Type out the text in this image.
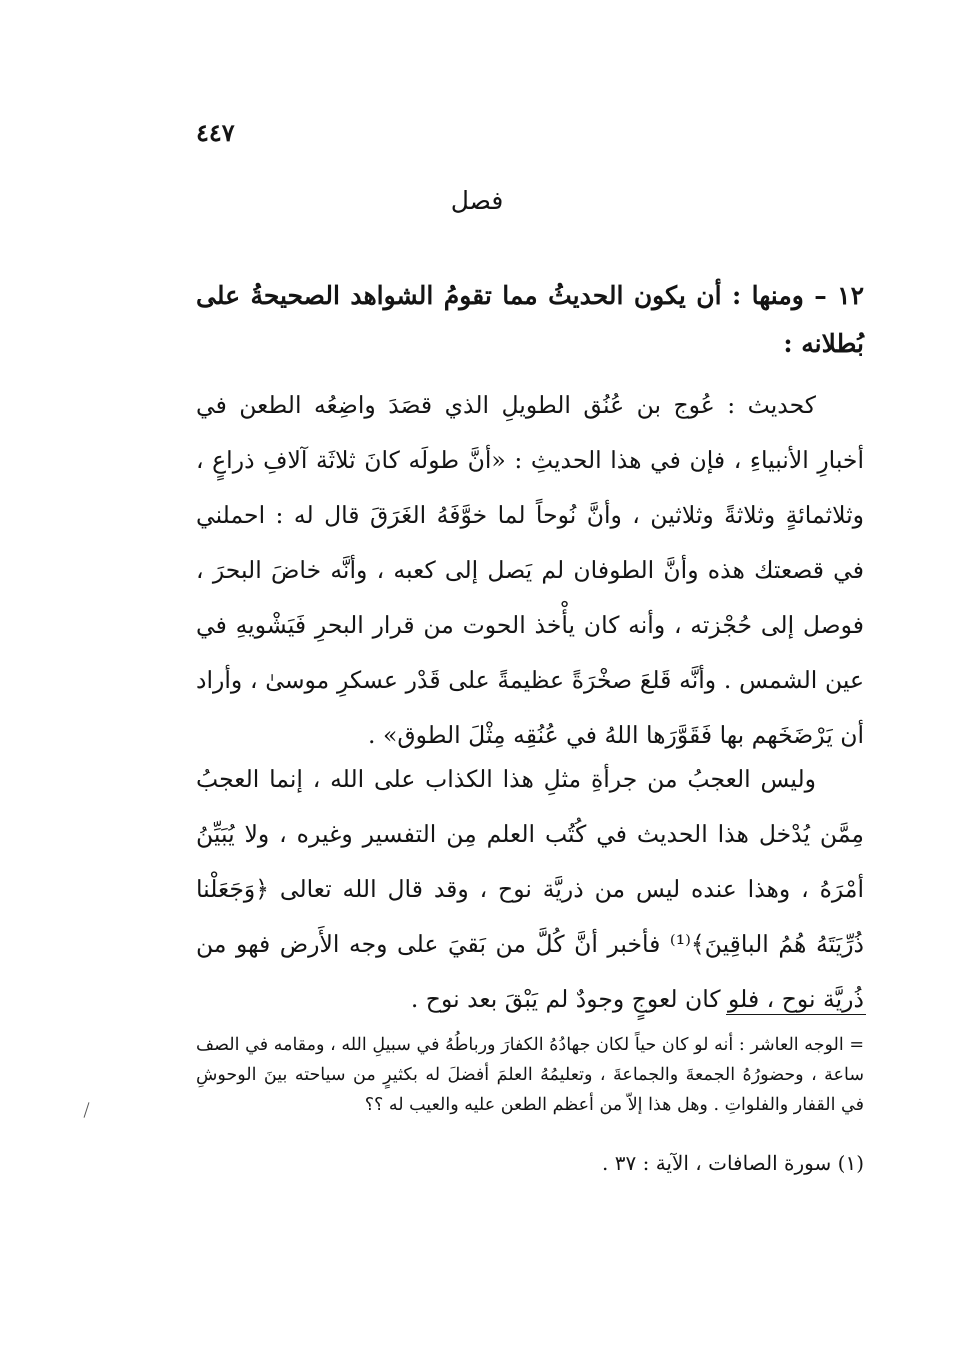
٤٤٧
فصل
١٢ – ومنها : أن يكون الحديثُ مما تقومُ الشواهد الصحيحةُ على بُطلانه :

كحديث : عُوج بن عُنُق الطويلِ الذي قصَدَ واضِعُه الطعن في أخبارِ الأنبياءِ ، فإن في هذا الحديثِ : «أنَّ طولَه كانَ ثلاثَة آلافِ ذراعٍ ، وثلاثمائةٍ وثلاثةً وثلاثين ، وأنَّ نُوحاً لما خوَّفَهُ الغَرَقَ قال له : احملني في قصعتك هذه وأنَّ الطوفان لم يَصل إلى كعبه ، وأنَّه خاضَ البحرَ ، فوصل إلى حُجْزته ، وأنه كان يأْخذ الحوت من قرار البحرِ فَيَشْويهِ في عين الشمس . وأنَّه قَلعَ صخْرَةً عظيمةً على قَدْر عسكرِ موسىٰ ، وأراد أن يَرْضَخَهم بها فَقَوَّرَها اللهُ في عُنُقِه مِثْلَ الطوق» .

وليس العجبُ من جرأةِ مثلِ هذا الكذاب على الله ، إنما العجبُ مِمَّن يُدْخل هذا الحديث في كُتُب العلم مِن التفسير وغيره ، ولا يُبَيِّنُ أمْرَهُ ، وهذا عنده ليس من ذريَّة نوح ، وقد قال الله تعالى ﴿وَجَعَلْنا ذُرِّيَتَهُ هُمُ الباقِينَ﴾⁽¹⁾ فأخبر أنَّ كُلَّ من بَقيَ على وجه الأَرض فهو من ذُريَّة نوح ، فلو كان لعوجٍ وجودٌ لم يَبْقَ بعد نوح .

= الوجه العاشر : أنه لو كان حياً لكان جهادُهُ الكفارَ ورباطُهُ في سبيلِ الله ، ومقامه في الصف ساعة ، وحضورُهُ الجمعةَ والجماعةَ ، وتعليمُهُ العلمَ أفضلَ له بكثيرٍ من سياحته بينَ الوحوشِ في القفار والفلواتِ . وهل هذا إلاّ من أعظم الطعن عليه والعيب له ؟؟

(١) سورة الصافات ، الآية : ٣٧ .
